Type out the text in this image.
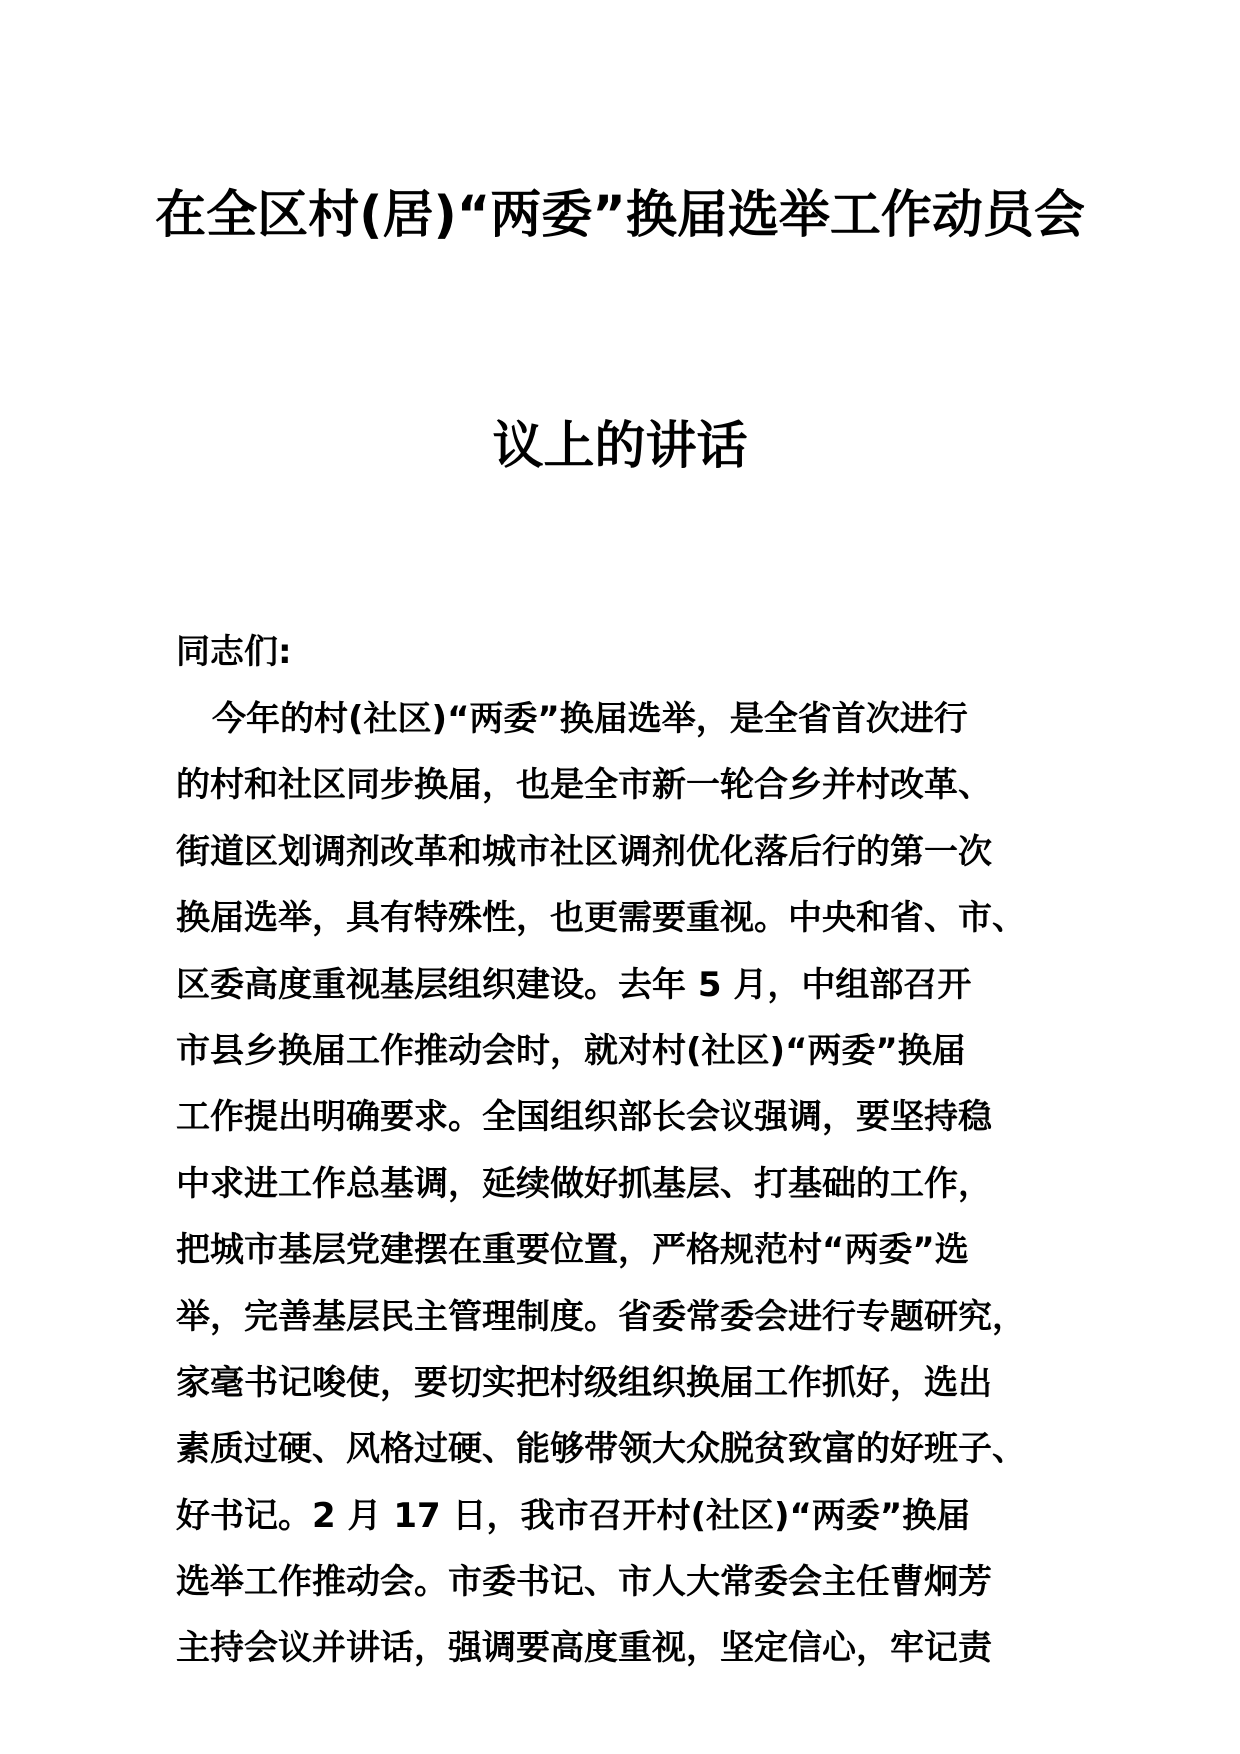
在全区村(居)“两委”换届选举工作动员会
议上的讲话
同志们:
今年的村(社区)“两委”换届选举，是全省首次进行
的村和社区同步换届，也是全市新一轮合乡并村改革、
街道区划调剂改革和城市社区调剂优化落后行的第一次
换届选举，具有特殊性，也更需要重视。中央和省、市、
区委高度重视基层组织建设。去年 5 月，中组部召开
市县乡换届工作推动会时，就对村(社区)“两委”换届
工作提出明确要求。全国组织部长会议强调，要坚持稳
中求进工作总基调，延续做好抓基层、打基础的工作，
把城市基层党建摆在重要位置，严格规范村“两委”选
举，完善基层民主管理制度。省委常委会进行专题研究，
家毫书记唆使，要切实把村级组织换届工作抓好，选出
素质过硬、风格过硬、能够带领大众脱贫致富的好班子、
好书记。2 月 17 日，我市召开村(社区)“两委”换届
选举工作推动会。市委书记、市人大常委会主任曹炯芳
主持会议并讲话，强调要高度重视，坚定信心，牢记责
